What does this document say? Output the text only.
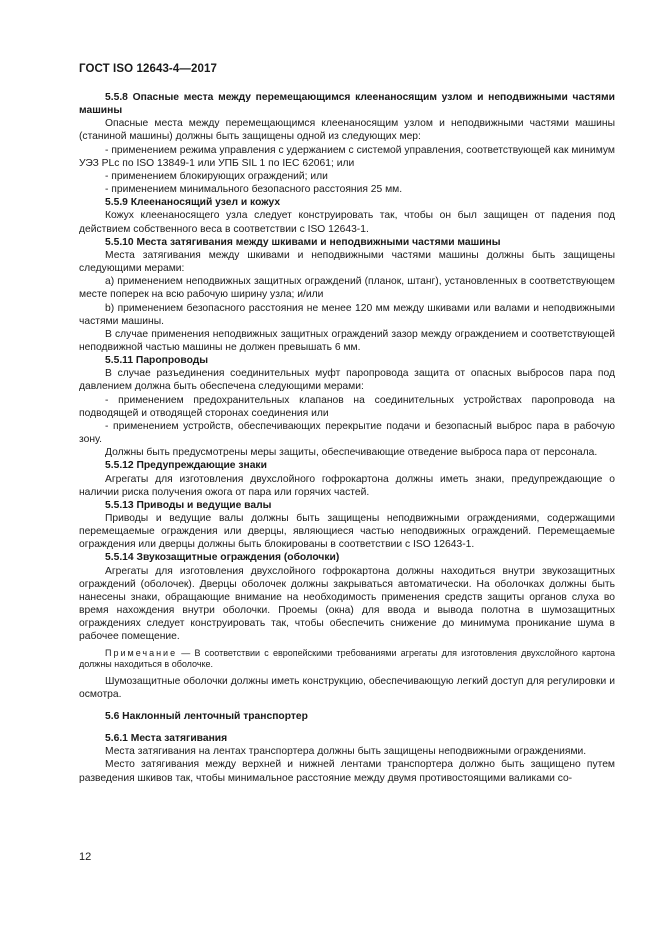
ГОСТ ISO 12643-4—2017

5.5.8 Опасные места между перемещающимся клеенаносящим узлом и неподвижными частями машины

Опасные места между перемещающимся клеенаносящим узлом и неподвижными частями машины (станиной машины) должны быть защищены одной из следующих мер:

- применением режима управления с удержанием с системой управления, соответствующей как минимум УЭЗ PLc по ISO 13849-1 или УПБ SIL 1 по IEC 62061; или

- применением блокирующих ограждений; или

- применением минимального безопасного расстояния 25 мм.

5.5.9 Клеенаносящий узел и кожух

Кожух клеенаносящего узла следует конструировать так, чтобы он был защищен от падения под действием собственного веса в соответствии с ISO 12643-1.

5.5.10 Места затягивания между шкивами и неподвижными частями машины

Места затягивания между шкивами и неподвижными частями машины должны быть защищены следующими мерами:

а) применением неподвижных защитных ограждений (планок, штанг), установленных в соответствующем месте поперек на всю рабочую ширину узла; и/или

b) применением безопасного расстояния не менее 120 мм между шкивами или валами и неподвижными частями машины.

В случае применения неподвижных защитных ограждений зазор между ограждением и соответствующей неподвижной частью машины не должен превышать 6 мм.

5.5.11 Паропроводы

В случае разъединения соединительных муфт паропровода защита от опасных выбросов пара под давлением должна быть обеспечена следующими мерами:

- применением предохранительных клапанов на соединительных устройствах паропровода на подводящей и отводящей сторонах соединения или

- применением устройств, обеспечивающих перекрытие подачи и безопасный выброс пара в рабочую зону.

Должны быть предусмотрены меры защиты, обеспечивающие отведение выброса пара от персонала.

5.5.12 Предупреждающие знаки

Агрегаты для изготовления двухслойного гофрокартона должны иметь знаки, предупреждающие о наличии риска получения ожога от пара или горячих частей.

5.5.13 Приводы и ведущие валы

Приводы и ведущие валы должны быть защищены неподвижными ограждениями, содержащими перемещаемые ограждения или дверцы, являющиеся частью неподвижных ограждений. Перемещаемые ограждения или дверцы должны быть блокированы в соответствии с ISO 12643-1.

5.5.14 Звукозащитные ограждения (оболочки)

Агрегаты для изготовления двухслойного гофрокартона должны находиться внутри звукозащитных ограждений (оболочек). Дверцы оболочек должны закрываться автоматически. На оболочках должны быть нанесены знаки, обращающие внимание на необходимость применения средств защиты органов слуха во время нахождения внутри оболочки. Проемы (окна) для ввода и вывода полотна в шумозащитных ограждениях следует конструировать так, чтобы обеспечить снижение до минимума проникание шума в рабочее помещение.

Примечание — В соответствии с европейскими требованиями агрегаты для изготовления двухслойного картона должны находиться в оболочке.

Шумозащитные оболочки должны иметь конструкцию, обеспечивающую легкий доступ для регулировки и осмотра.

5.6 Наклонный ленточный транспортер

5.6.1 Места затягивания

Места затягивания на лентах транспортера должны быть защищены неподвижными ограждениями.

Место затягивания между верхней и нижней лентами транспортера должно быть защищено путем разведения шкивов так, чтобы минимальное расстояние между двумя противостоящими валиками со-

12
